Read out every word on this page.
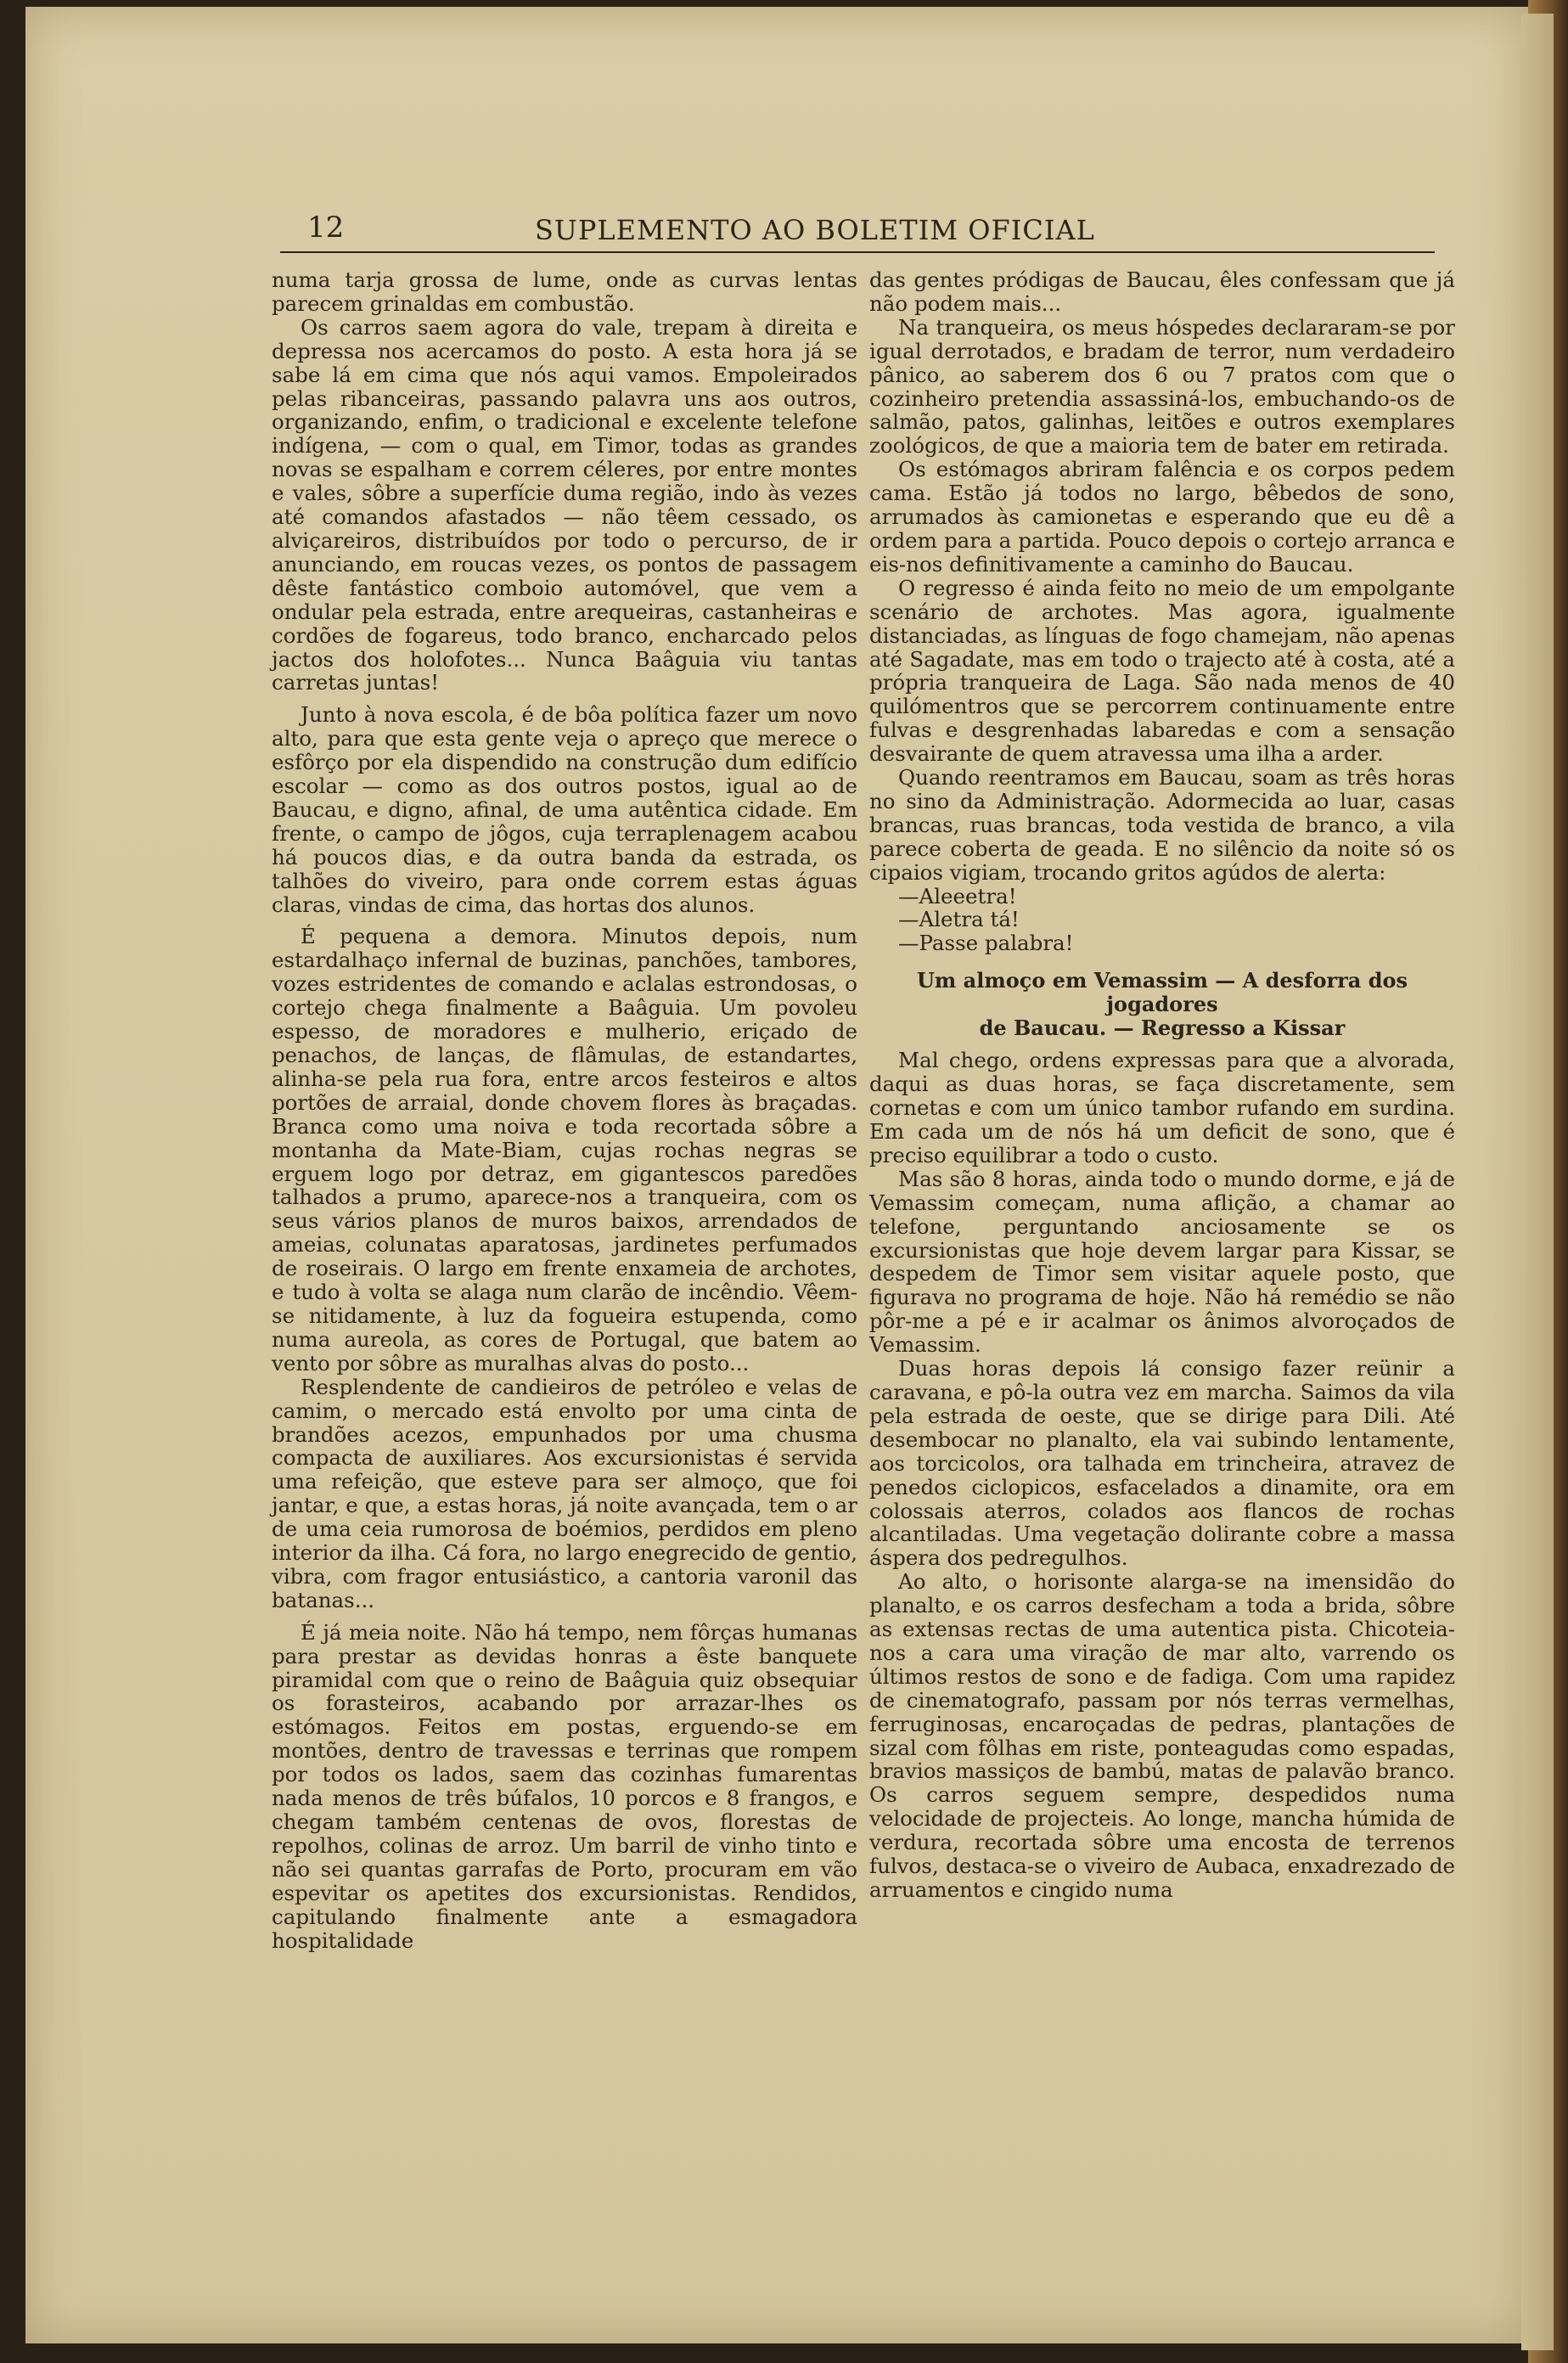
12	SUPLEMENTO AO BOLETIM OFICIAL

numa tarja grossa de lume, onde as curvas lentas parecem grinaldas em combustão.

Os carros saem agora do vale, trepam à direita e depressa nos acercamos do posto. A esta hora já se sabe lá em cima que nós aqui vamos. Empoleirados pelas ribanceiras, passando palavra uns aos outros, organizando, enfim, o tradicional e excelente telefone indígena, — com o qual, em Timor, todas as grandes novas se espalham e correm céleres, por entre montes e vales, sôbre a superfície duma região, indo às vezes até comandos afastados — não têem cessado, os alviçareiros, distribuídos por todo o percurso, de ir anunciando, em roucas vezes, os pontos de passagem dêste fantástico comboio automóvel, que vem a ondular pela estrada, entre arequeiras, castanheiras e cordões de fogareus, todo branco, encharcado pelos jactos dos holofotes... Nunca Baâguia viu tantas carretas juntas!

Junto à nova escola, é de bôa política fazer um novo alto, para que esta gente veja o apreço que merece o esfôrço por ela dispendido na construção dum edifício escolar — como as dos outros postos, igual ao de Baucau, e digno, afinal, de uma autêntica cidade. Em frente, o campo de jôgos, cuja terraplenagem acabou há poucos dias, e da outra banda da estrada, os talhões do viveiro, para onde correm estas águas claras, vindas de cima, das hortas dos alunos.

É pequena a demora. Minutos depois, num estardalhaço infernal de buzinas, panchões, tambores, vozes estridentes de comando e aclalas estrondosas, o cortejo chega finalmente a Baâguia. Um povoleu espesso, de moradores e mulherio, eriçado de penachos, de lanças, de flâmulas, de estandartes, alinha-se pela rua fora, entre arcos festeiros e altos portões de arraial, donde chovem flores às braçadas. Branca como uma noiva e toda recortada sôbre a montanha da Mate-Biam, cujas rochas negras se erguem logo por detraz, em gigantescos paredões talhados a prumo, aparece-nos a tranqueira, com os seus vários planos de muros baixos, arrendados de ameias, colunatas aparatosas, jardinetes perfumados de roseirais. O largo em frente enxameia de archotes, e tudo à volta se alaga num clarão de incêndio. Vêem-se nitidamente, à luz da fogueira estupenda, como numa aureola, as cores de Portugal, que batem ao vento por sôbre as muralhas alvas do posto...

Resplendente de candieiros de petróleo e velas de camim, o mercado está envolto por uma cinta de brandões acezos, empunhados por uma chusma compacta de auxiliares. Aos excursionistas é servida uma refeição, que esteve para ser almoço, que foi jantar, e que, a estas horas, já noite avançada, tem o ar de uma ceia rumorosa de boémios, perdidos em pleno interior da ilha. Cá fora, no largo enegrecido de gentio, vibra, com fragor entusiástico, a cantoria varonil das batanas...

É já meia noite. Não há tempo, nem fôrças humanas para prestar as devidas honras a êste banquete piramidal com que o reino de Baâguia quiz obsequiar os forasteiros, acabando por arrazar-lhes os estómagos. Feitos em postas, erguendo-se em montões, dentro de travessas e terrinas que rompem por todos os lados, saem das cozinhas fumarentas nada menos de três búfalos, 10 porcos e 8 frangos, e chegam também centenas de ovos, florestas de repolhos, colinas de arroz. Um barril de vinho tinto e não sei quantas garrafas de Porto, procuram em vão espevitar os apetites dos excursionistas. Rendidos, capitulando finalmente ante a esmagadora hospitalidade

das gentes pródigas de Baucau, êles confessam que já não podem mais...

Na tranqueira, os meus hóspedes declararam-se por igual derrotados, e bradam de terror, num verdadeiro pânico, ao saberem dos 6 ou 7 pratos com que o cozinheiro pretendia assassiná-los, embuchando-os de salmão, patos, galinhas, leitões e outros exemplares zoológicos, de que a maioria tem de bater em retirada.

Os estómagos abriram falência e os corpos pedem cama. Estão já todos no largo, bêbedos de sono, arrumados às camionetas e esperando que eu dê a ordem para a partida. Pouco depois o cortejo arranca e eis-nos definitivamente a caminho do Baucau.

O regresso é ainda feito no meio de um empolgante scenário de archotes. Mas agora, igualmente distanciadas, as línguas de fogo chamejam, não apenas até Sagadate, mas em todo o trajecto até à costa, até a própria tranqueira de Laga. São nada menos de 40 quilómentros que se percorrem continuamente entre fulvas e desgrenhadas labaredas e com a sensação desvairante de quem atravessa uma ilha a arder.

Quando reentramos em Baucau, soam as três horas no sino da Administração. Adormecida ao luar, casas brancas, ruas brancas, toda vestida de branco, a vila parece coberta de geada. E no silêncio da noite só os cipaios vigiam, trocando gritos agúdos de alerta:

—Aleeetra!

—Aletra tá!

—Passe palabra!

Um almoço em Vemassim — A desforra dos jogadores
de Baucau. — Regresso a Kissar

Mal chego, ordens expressas para que a alvorada, daqui as duas horas, se faça discretamente, sem cornetas e com um único tambor rufando em surdina. Em cada um de nós há um deficit de sono, que é preciso equilibrar a todo o custo.

Mas são 8 horas, ainda todo o mundo dorme, e já de Vemassim começam, numa aflição, a chamar ao telefone, perguntando anciosamente se os excursionistas que hoje devem largar para Kissar, se despedem de Timor sem visitar aquele posto, que figurava no programa de hoje. Não há remédio se não pôr-me a pé e ir acalmar os ânimos alvoroçados de Vemassim.

Duas horas depois lá consigo fazer reünir a caravana, e pô-la outra vez em marcha. Saimos da vila pela estrada de oeste, que se dirige para Dili. Até desembocar no planalto, ela vai subindo lentamente, aos torcicolos, ora talhada em trincheira, atravez de penedos ciclopicos, esfacelados a dinamite, ora em colossais aterros, colados aos flancos de rochas alcantiladas. Uma vegetação dolirante cobre a massa áspera dos pedregulhos.

Ao alto, o horisonte alarga-se na imensidão do planalto, e os carros desfecham a toda a brida, sôbre as extensas rectas de uma autentica pista. Chicoteia-nos a cara uma viração de mar alto, varrendo os últimos restos de sono e de fadiga. Com uma rapidez de cinematografo, passam por nós terras vermelhas, ferruginosas, encaroçadas de pedras, plantações de sizal com fôlhas em riste, ponteagudas como espadas, bravios massiços de bambú, matas de palavão branco. Os carros seguem sempre, despedidos numa velocidade de projecteis. Ao longe, mancha húmida de verdura, recortada sôbre uma encosta de terrenos fulvos, destaca-se o viveiro de Aubaca, enxadrezado de arruamentos e cingido numa
